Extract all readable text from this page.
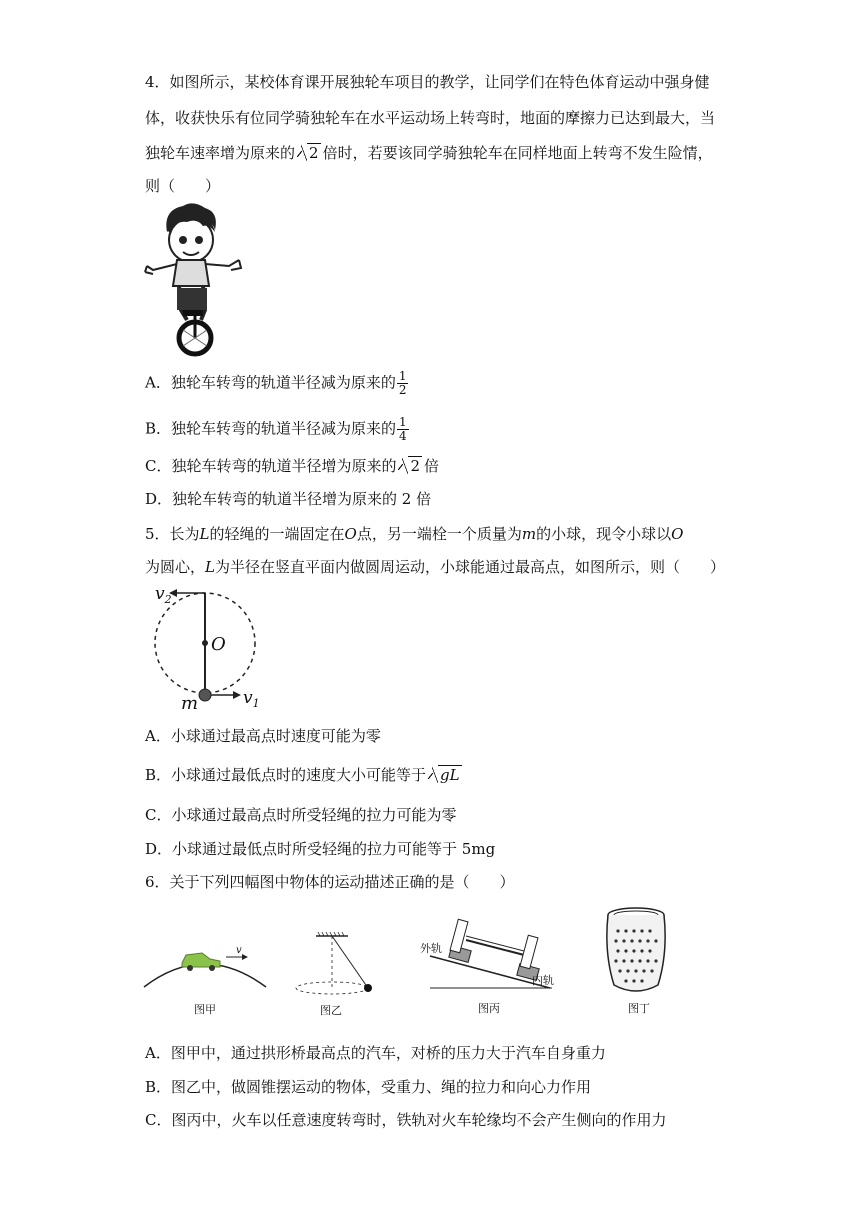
4．如图所示，某校体育课开展独轮车项目的教学，让同学们在特色体育运动中强身健
体，收获快乐有位同学骑独轮车在水平运动场上转弯时，地面的摩擦力已达到最大，当
独轮车速率增为原来的 2 倍时，若要该同学骑独轮车在同样地面上转弯不发生险情，
则（　　）
A．独轮车转弯的轨道半径减为原来的 $\frac{1}{2}$
B．独轮车转弯的轨道半径减为原来的 $\frac{1}{4}$
C．独轮车转弯的轨道半径增为原来的 2 倍
D．独轮车转弯的轨道半径增为原来的 2 倍
5．长为L的轻绳的一端固定在O点，另一端栓一个质量为m的小球，现令小球以O
为圆心，L为半径在竖直平面内做圆周运动，小球能通过最高点，如图所示，则（　　）
$v_2$
O
m	$v_1$
A．小球通过最高点时速度可能为零
B．小球通过最低点时的速度大小可能等于 gL
C．小球通过最高点时所受轻绳的拉力可能为零
D．小球通过最低点时所受轻绳的拉力可能等于 5mg
6．关于下列四幅图中物体的运动描述正确的是（　　）
v
图甲	图乙
外轨
内轨
图丙	图丁
A．图甲中，通过拱形桥最高点的汽车，对桥的压力大于汽车自身重力
B．图乙中，做圆锥摆运动的物体，受重力、绳的拉力和向心力作用
C．图丙中，火车以任意速度转弯时，铁轨对火车轮缘均不会产生侧向的作用力
